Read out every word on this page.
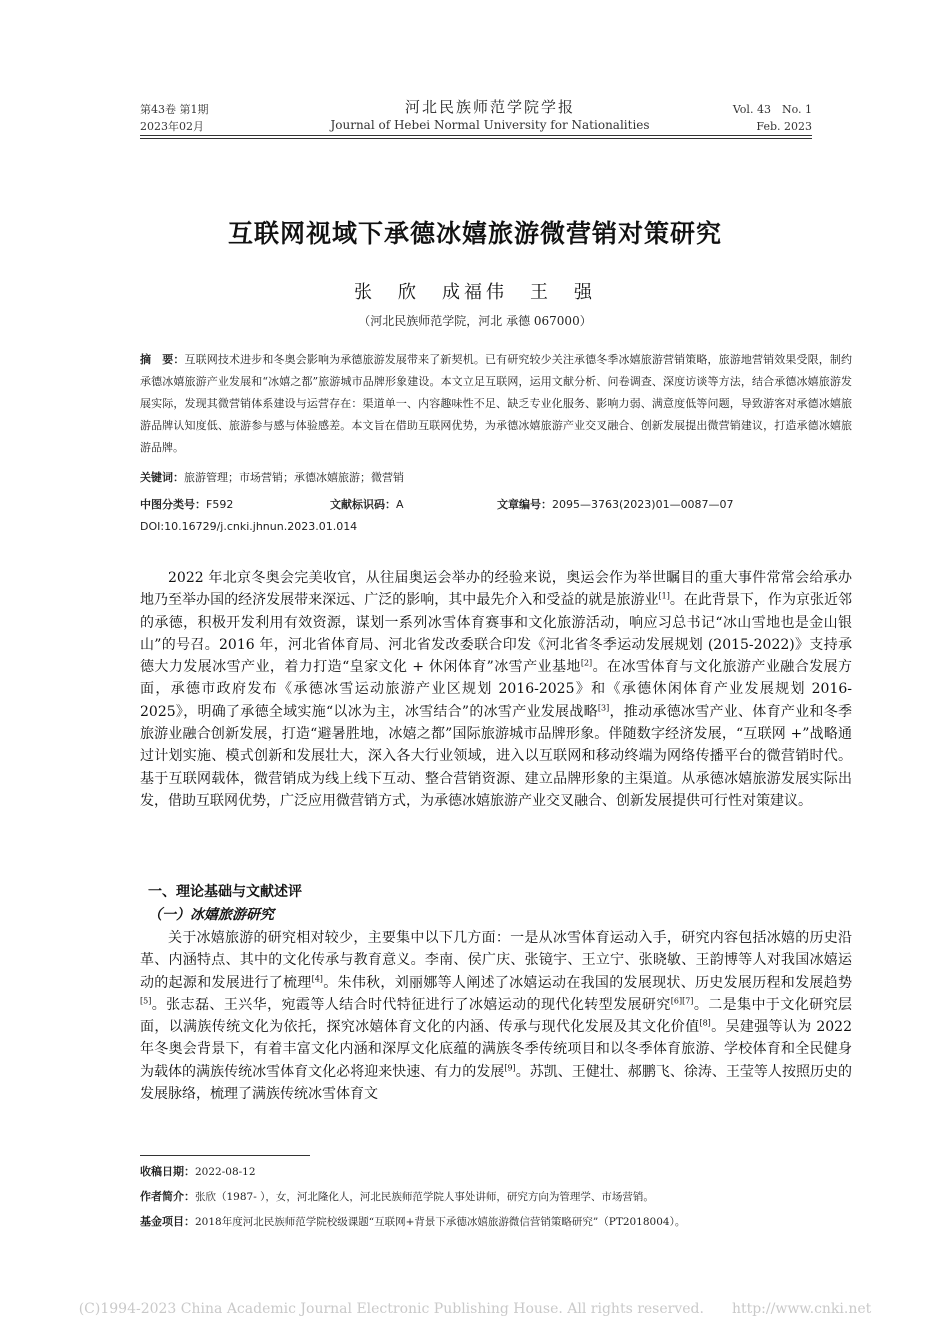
第43卷 第1期
2023年02月
河北民族师范学院学报
Journal of Hebei Normal University for Nationalities
Vol. 43　No. 1
Feb. 2023
互联网视域下承德冰嬉旅游微营销对策研究
张　欣　成福伟　王　强
（河北民族师范学院，河北 承德 067000）
摘　要：互联网技术进步和冬奥会影响为承德旅游发展带来了新契机。已有研究较少关注承德冬季冰嬉旅游营销策略，旅游地营销效果受限，制约承德冰嬉旅游产业发展和“冰嬉之都”旅游城市品牌形象建设。本文立足互联网，运用文献分析、问卷调查、深度访谈等方法，结合承德冰嬉旅游发展实际，发现其微营销体系建设与运营存在：渠道单一、内容趣味性不足、缺乏专业化服务、影响力弱、满意度低等问题，导致游客对承德冰嬉旅游品牌认知度低、旅游参与感与体验感差。本文旨在借助互联网优势，为承德冰嬉旅游产业交叉融合、创新发展提出微营销建议，打造承德冰嬉旅游品牌。
关键词：旅游管理；市场营销；承德冰嬉旅游；微营销
中图分类号：F592	文献标识码：A	文章编号：2095—3763(2023)01—0087—07
DOI:10.16729/j.cnki.jhnun.2023.01.014

2022 年北京冬奥会完美收官，从往届奥运会举办的经验来说，奥运会作为举世瞩目的重大事件常常会给承办地乃至举办国的经济发展带来深远、广泛的影响，其中最先介入和受益的就是旅游业[1]。在此背景下，作为京张近邻的承德，积极开发利用有效资源，谋划一系列冰雪体育赛事和文化旅游活动，响应习总书记“冰山雪地也是金山银山”的号召。2016 年，河北省体育局、河北省发改委联合印发《河北省冬季运动发展规划 (2015-2022)》支持承德大力发展冰雪产业，着力打造“皇家文化 + 休闲体育”冰雪产业基地[2]。在冰雪体育与文化旅游产业融合发展方面，承德市政府发布《承德冰雪运动旅游产业区规划 2016-2025》和《承德休闲体育产业发展规划 2016-2025》，明确了承德全域实施“以冰为主，冰雪结合”的冰雪产业发展战略[3]，推动承德冰雪产业、体育产业和冬季旅游业融合创新发展，打造“避暑胜地，冰嬉之都”国际旅游城市品牌形象。伴随数字经济发展，“互联网 +”战略通过计划实施、模式创新和发展壮大，深入各大行业领域，进入以互联网和移动终端为网络传播平台的微营销时代。基于互联网载体，微营销成为线上线下互动、整合营销资源、建立品牌形象的主渠道。从承德冰嬉旅游发展实际出发，借助互联网优势，广泛应用微营销方式，为承德冰嬉旅游产业交叉融合、创新发展提供可行性对策建议。

一、理论基础与文献述评
（一）冰嬉旅游研究

关于冰嬉旅游的研究相对较少，主要集中以下几方面：一是从冰雪体育运动入手，研究内容包括冰嬉的历史沿革、内涵特点、其中的文化传承与教育意义。李南、侯广庆、张镜宇、王立宁、张晓敏、王韵博等人对我国冰嬉运动的起源和发展进行了梳理[4]。朱伟秋，刘丽娜等人阐述了冰嬉运动在我国的发展现状、历史发展历程和发展趋势[5]。张志磊、王兴华，宛霞等人结合时代特征进行了冰嬉运动的现代化转型发展研究[6][7]。二是集中于文化研究层面，以满族传统文化为依托，探究冰嬉体育文化的内涵、传承与现代化发展及其文化价值[8]。吴建强等认为 2022 年冬奥会背景下，有着丰富文化内涵和深厚文化底蕴的满族冬季传统项目和以冬季体育旅游、学校体育和全民健身为载体的满族传统冰雪体育文化必将迎来快速、有力的发展[9]。苏凯、王健壮、郝鹏飞、徐涛、王莹等人按照历史的发展脉络，梳理了满族传统冰雪体育文

收稿日期：2022-08-12
作者简介：张欣（1987- ），女，河北隆化人，河北民族师范学院人事处讲师，研究方向为管理学、市场营销。
基金项目：2018年度河北民族师范学院校级课题“互联网+背景下承德冰嬉旅游微信营销策略研究”（PT2018004）。
(C)1994-2023 China Academic Journal Electronic Publishing House. All rights reserved.　　http://www.cnki.net
